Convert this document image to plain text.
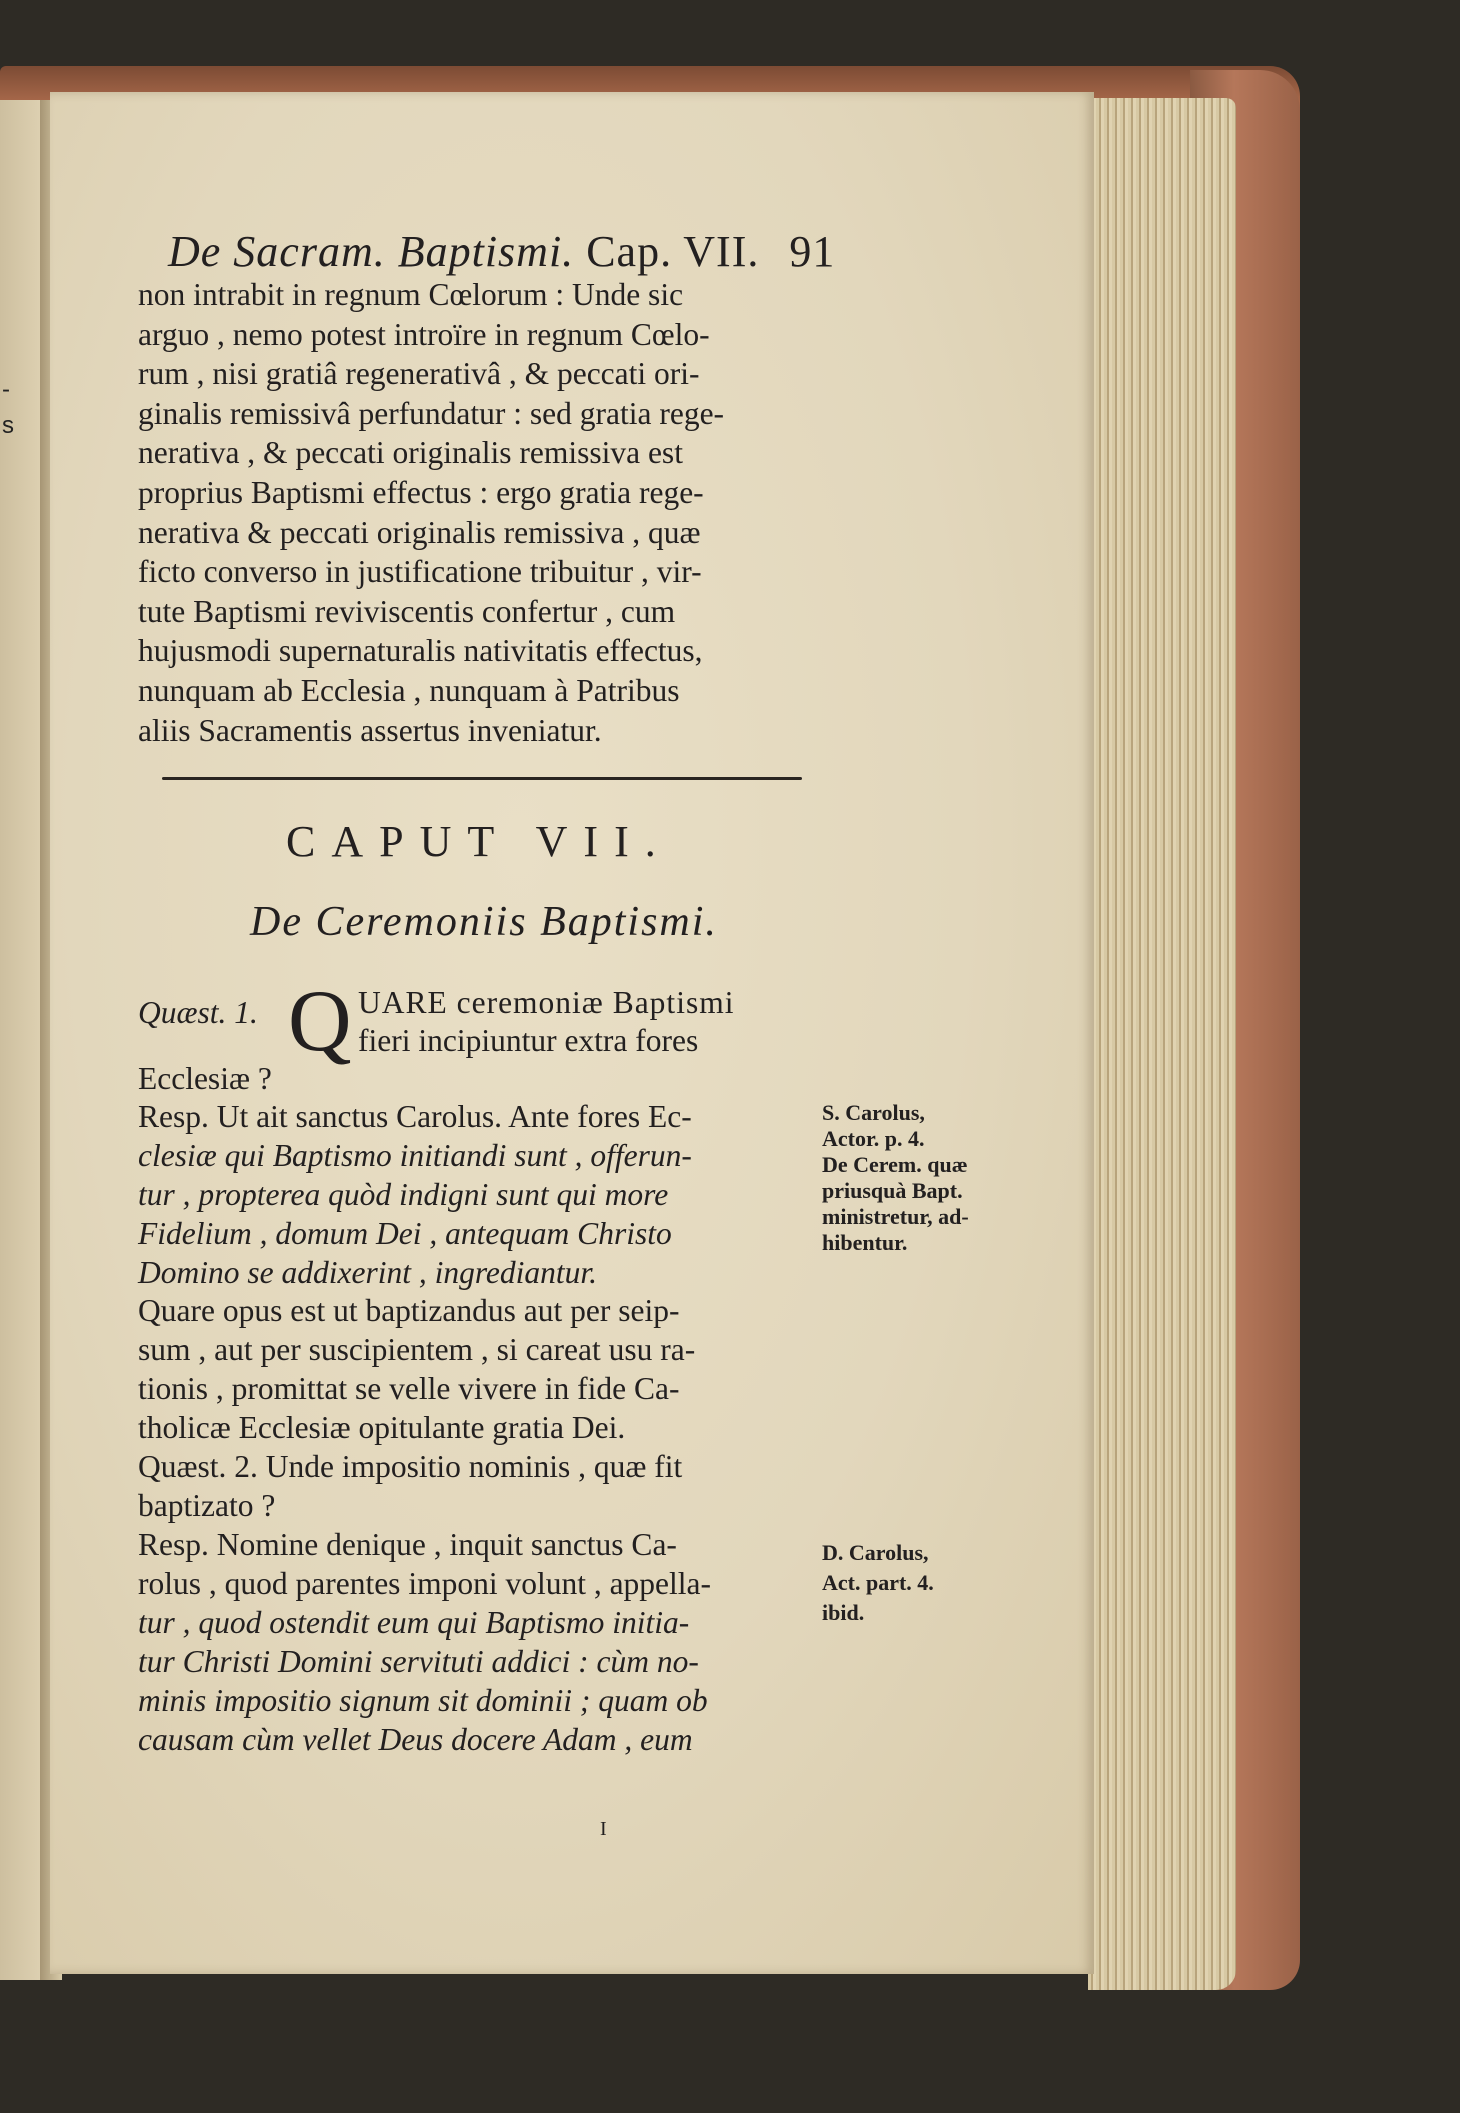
-
s
De Sacram. Baptismi. Cap. VII. 91
non intrabit in regnum Cœlorum : Unde sic
arguo , nemo potest introïre in regnum Cœlo-
rum , nisi gratiâ regenerativâ , & peccati ori-
ginalis remissivâ perfundatur : sed gratia rege-
nerativa , & peccati originalis remissiva est
proprius Baptismi effectus : ergo gratia rege-
nerativa & peccati originalis remissiva , quæ
ficto converso in justificatione tribuitur , vir-
tute Baptismi reviviscentis confertur , cum
hujusmodi supernaturalis nativitatis effectus,
nunquam ab Ecclesia , nunquam à Patribus
aliis Sacramentis assertus inveniatur.
CAPUT VII.
De Ceremoniis Baptismi.
Quæst. 1. Q UARE ceremoniæ Baptismi
fieri incipiuntur extra fores
Ecclesiæ ?
Resp. Ut ait sanctus Carolus. Ante fores Ec-
clesiæ qui Baptismo initiandi sunt , offerun-
tur , propterea quòd indigni sunt qui more
Fidelium , domum Dei , antequam Christo
Domino se addixerint , ingrediantur.
Quare opus est ut baptizandus aut per seip-
sum , aut per suscipientem , si careat usu ra-
tionis , promittat se velle vivere in fide Ca-
tholicæ Ecclesiæ opitulante gratia Dei.
Quæst. 2. Unde impositio nominis , quæ fit
baptizato ?
Resp. Nomine denique , inquit sanctus Ca-
rolus , quod parentes imponi volunt , appella-
tur , quod ostendit eum qui Baptismo initia-
tur Christi Domini servituti addici : cùm no-
minis impositio signum sit dominii ; quam ob
causam cùm vellet Deus docere Adam , eum
S. Carolus,
Actor. p. 4.
De Cerem. quæ
priusquà Bapt.
ministretur, ad-
hibentur.
D. Carolus,
Act. part. 4.
ibid.
I
